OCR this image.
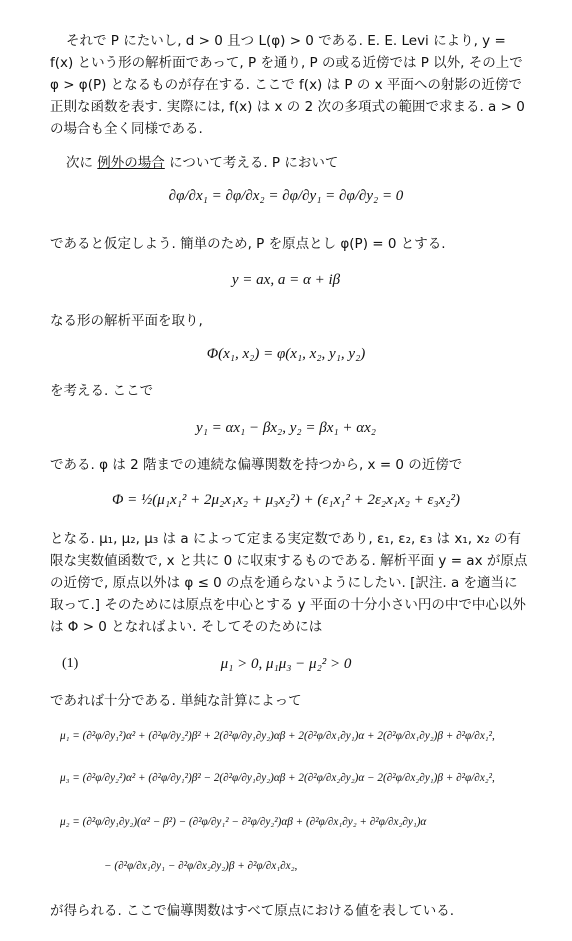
それで P にたいし, d > 0 且つ L(φ) > 0 である. E. E. Levi により, y = f(x) という形の解析面であって, P を通り, P の或る近傍では P 以外, その上で φ > φ(P) となるものが存在する. ここで f(x) は P の x 平面への射影の近傍で正則な函数を表す. 実際には, f(x) は x の 2 次の多項式の範囲で求まる. a > 0 の場合も全く同様である.
次に 例外の場合 について考える. P において
∂φ/∂x₁ = ∂φ/∂x₂ = ∂φ/∂y₁ = ∂φ/∂y₂ = 0
であると仮定しよう. 簡単のため, P を原点とし φ(P) = 0 とする.
y = ax, a = α + iβ
なる形の解析平面を取り,
Φ(x₁, x₂) = φ(x₁, x₂, y₁, y₂)
を考える. ここで
y₁ = αx₁ − βx₂, y₂ = βx₁ + αx₂
である. φ は 2 階までの連続な偏導関数を持つから, x = 0 の近傍で
Φ = ½(μ₁x₁² + 2μ₂x₁x₂ + μ₃x₂²) + (ε₁x₁² + 2ε₂x₁x₂ + ε₃x₂²)
となる. μ₁, μ₂, μ₃ は a によって定まる実定数であり, ε₁, ε₂, ε₃ は x₁, x₂ の有限な実数値函数で, x と共に 0 に収束するものである. 解析平面 y = ax が原点の近傍で, 原点以外は φ ≤ 0 の点を通らないようにしたい. [訳注. a を適当に取って.] そのためには原点を中心とする y 平面の十分小さい円の中で中心以外は Φ > 0 となればよい. そしてそのためには
(1)	μ₁ > 0, μ₁μ₃ − μ₂² > 0
であれば十分である. 単純な計算によって
μ₁ = (∂²φ/∂y₁²)α² + (∂²φ/∂y₂²)β² + 2(∂²φ/∂y₁∂y₂)αβ + 2(∂²φ/∂x₁∂y₁)α + 2(∂²φ/∂x₁∂y₂)β + ∂²φ/∂x₁²,
μ₃ = (∂²φ/∂y₂²)α² + (∂²φ/∂y₁²)β² − 2(∂²φ/∂y₁∂y₂)αβ + 2(∂²φ/∂x₂∂y₂)α − 2(∂²φ/∂x₂∂y₁)β + ∂²φ/∂x₂²,
μ₂ = (∂²φ/∂y₁∂y₂)(α² − β²) − (∂²φ/∂y₁² − ∂²φ/∂y₂²)αβ + (∂²φ/∂x₁∂y₂ + ∂²φ/∂x₂∂y₁)α
− (∂²φ/∂x₁∂y₁ − ∂²φ/∂x₂∂y₂)β + ∂²φ/∂x₁∂x₂,
が得られる. ここで偏導関数はすべて原点における値を表している.
